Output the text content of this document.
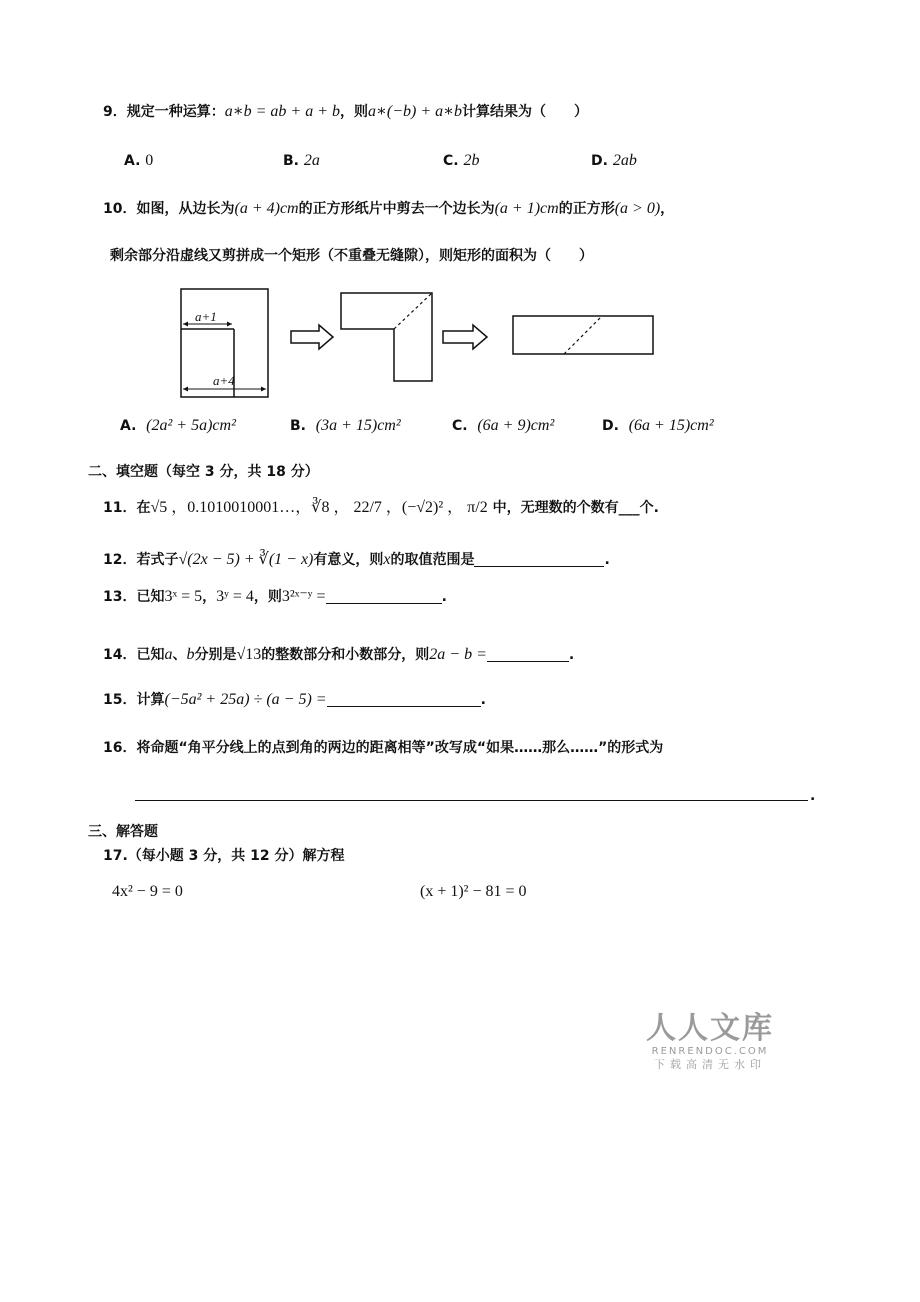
9．规定一种运算：a∗b = ab + a + b，则a∗(−b) + a∗b计算结果为（　　）
A. 0	B. 2a	C. 2b	D. 2ab
10．如图，从边长为(a + 4)cm的正方形纸片中剪去一个边长为(a + 1)cm的正方形(a > 0)，
剩余部分沿虚线又剪拼成一个矩形（不重叠无缝隙），则矩形的面积为（　　）
a+1
a+4
A. (2a² + 5a)cm²	B. (3a + 15)cm²	C. (6a + 9)cm²	D. (6a + 15)cm²
二、填空题（每空 3 分，共 18 分）
11．在√5 ，0.1010010001…，∛8 ， 22/7 ，(−√2)² ， π/2 中，无理数的个数有___个.
12．若式子√(2x − 5) + ∛(1 − x)有意义，则x的取值范围是	.
13．已知3ˣ = 5，3ʸ = 4，则3²ˣ⁻ʸ =	.
14．已知a、b分别是√13的整数部分和小数部分，则2a − b =	.
15．计算(−5a² + 25a) ÷ (a − 5) =	.
16．将命题“角平分线上的点到角的两边的距离相等”改写成“如果……那么……”的形式为
.
三、解答题
17.（每小题 3 分，共 12 分）解方程
4x² − 9 = 0	(x + 1)² − 81 = 0
人人文库
RENRENDOC.COM
下载高清无水印
